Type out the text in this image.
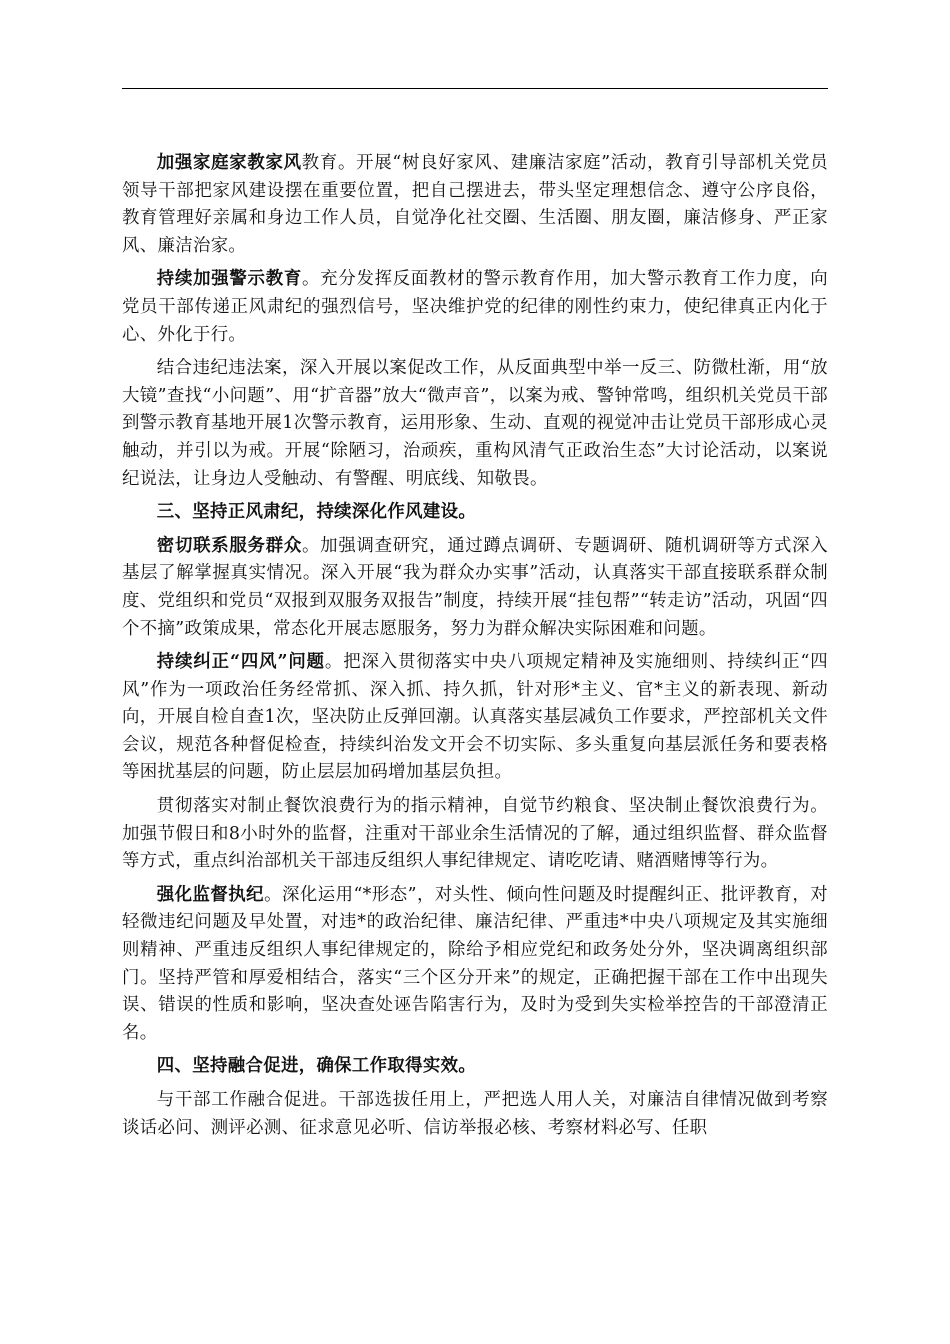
加强家庭家教家风教育。开展“树良好家风、建廉洁家庭”活动，教育引导部机关党员领导干部把家风建设摆在重要位置，把自己摆进去，带头坚定理想信念、遵守公序良俗，教育管理好亲属和身边工作人员，自觉净化社交圈、生活圈、朋友圈，廉洁修身、严正家风、廉洁治家。

持续加强警示教育。充分发挥反面教材的警示教育作用，加大警示教育工作力度，向党员干部传递正风肃纪的强烈信号，坚决维护党的纪律的刚性约束力，使纪律真正内化于心、外化于行。

结合违纪违法案，深入开展以案促改工作，从反面典型中举一反三、防微杜渐，用“放大镜”查找“小问题”、用“扩音器”放大“微声音”，以案为戒、警钟常鸣，组织机关党员干部到警示教育基地开展1次警示教育，运用形象、生动、直观的视觉冲击让党员干部形成心灵触动，并引以为戒。开展“除陋习，治顽疾，重构风清气正政治生态”大讨论活动，以案说纪说法，让身边人受触动、有警醒、明底线、知敬畏。

三、坚持正风肃纪，持续深化作风建设。

密切联系服务群众。加强调查研究，通过蹲点调研、专题调研、随机调研等方式深入基层了解掌握真实情况。深入开展“我为群众办实事”活动，认真落实干部直接联系群众制度、党组织和党员“双报到双服务双报告”制度，持续开展“挂包帮”“转走访”活动，巩固“四个不摘”政策成果，常态化开展志愿服务，努力为群众解决实际困难和问题。

持续纠正“四风”问题。把深入贯彻落实中央八项规定精神及实施细则、持续纠正“四风”作为一项政治任务经常抓、深入抓、持久抓，针对形*主义、官*主义的新表现、新动向，开展自检自查1次，坚决防止反弹回潮。认真落实基层减负工作要求，严控部机关文件会议，规范各种督促检查，持续纠治发文开会不切实际、多头重复向基层派任务和要表格等困扰基层的问题，防止层层加码增加基层负担。

贯彻落实对制止餐饮浪费行为的指示精神，自觉节约粮食、坚决制止餐饮浪费行为。加强节假日和8小时外的监督，注重对干部业余生活情况的了解，通过组织监督、群众监督等方式，重点纠治部机关干部违反组织人事纪律规定、请吃吃请、赌酒赌博等行为。

强化监督执纪。深化运用“*形态”，对头性、倾向性问题及时提醒纠正、批评教育，对轻微违纪问题及早处置，对违*的政治纪律、廉洁纪律、严重违*中央八项规定及其实施细则精神、严重违反组织人事纪律规定的，除给予相应党纪和政务处分外，坚决调离组织部门。坚持严管和厚爱相结合，落实“三个区分开来”的规定，正确把握干部在工作中出现失误、错误的性质和影响，坚决查处诬告陷害行为，及时为受到失实检举控告的干部澄清正名。

四、坚持融合促进，确保工作取得实效。

与干部工作融合促进。干部选拔任用上，严把选人用人关，对廉洁自律情况做到考察谈话必问、测评必测、征求意见必听、信访举报必核、考察材料必写、任职
